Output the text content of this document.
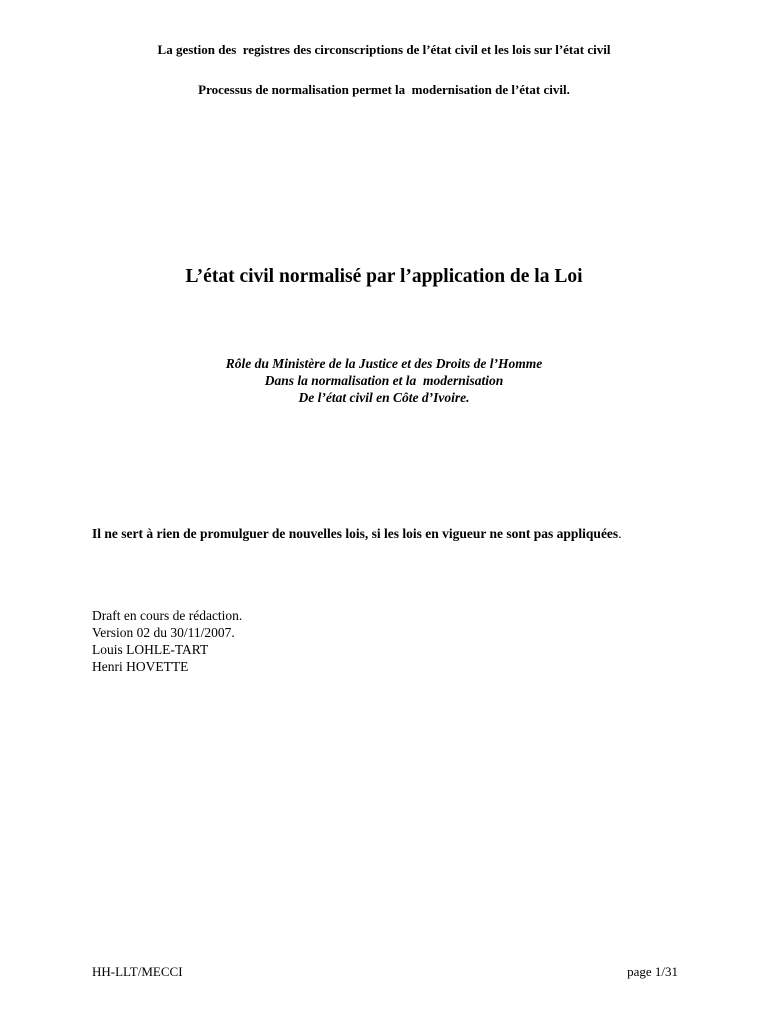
La gestion des  registres des circonscriptions de l’état civil et les lois sur l’état civil
Processus de normalisation permet la  modernisation de l’état civil.
L’état civil normalisé par l’application de la Loi
Rôle du Ministère de la Justice et des Droits de l’Homme
Dans la normalisation et la  modernisation
De l’état civil en Côte d’Ivoire.
Il ne sert à rien de promulguer de nouvelles lois, si les lois en vigueur ne sont pas appliquées.
Draft en cours de rédaction.
Version 02 du 30/11/2007.
Louis LOHLE-TART
Henri HOVETTE
HH-LLT/MECCI	page 1/31
